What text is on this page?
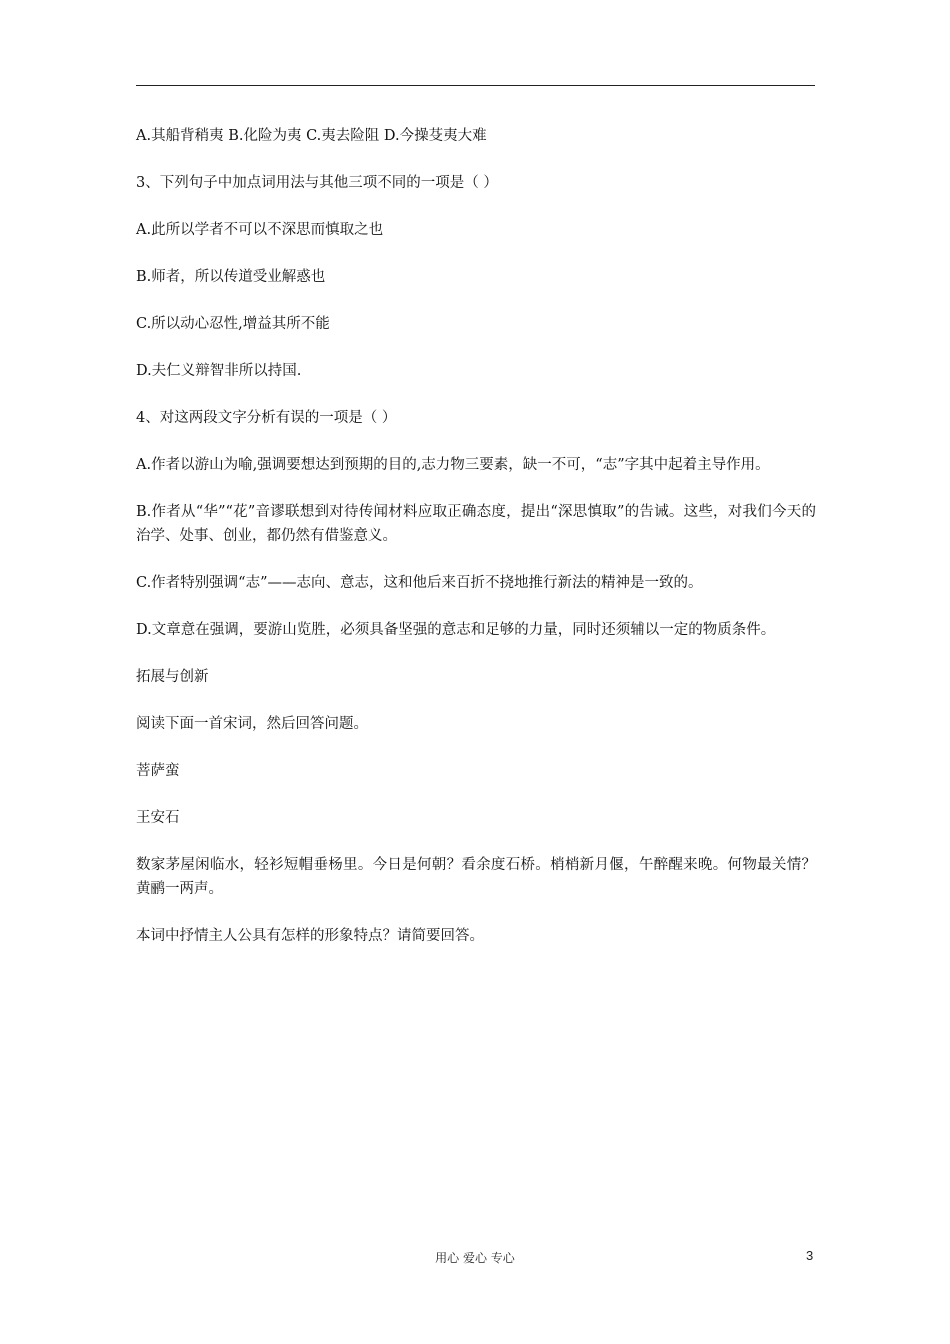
A.其船背稍夷 B.化险为夷 C.夷去险阻 D.今操芟夷大难

3、下列句子中加点词用法与其他三项不同的一项是（ ）

A.此所以学者不可以不深思而慎取之也

B.师者，所以传道受业解惑也

C.所以动心忍性,增益其所不能

D.夫仁义辩智非所以持国.

4、对这两段文字分析有误的一项是（ ）

A.作者以游山为喻,强调要想达到预期的目的,志力物三要素，缺一不可，“志”字其中起着主导作用。

B.作者从“华”“花”音谬联想到对待传闻材料应取正确态度，提出“深思慎取”的告诫。这些，对我们今天的治学、处事、创业，都仍然有借鉴意义。

C.作者特别强调“志”——志向、意志，这和他后来百折不挠地推行新法的精神是一致的。

D.文章意在强调，要游山览胜，必须具备坚强的意志和足够的力量，同时还须辅以一定的物质条件。

拓展与创新

阅读下面一首宋词，然后回答问题。

菩萨蛮

王安石

数家茅屋闲临水，轻衫短帽垂杨里。今日是何朝？看余度石桥。梢梢新月偃，午醉醒来晚。何物最关情？黄鹂一两声。

本词中抒情主人公具有怎样的形象特点？请简要回答。

用心 爱心 专心	3
